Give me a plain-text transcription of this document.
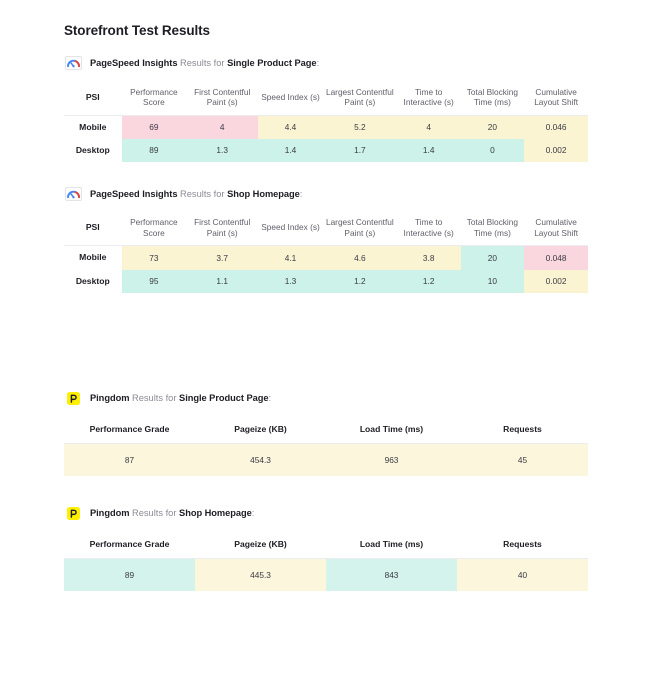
Storefront Test Results
PageSpeed Insights Results for Single Product Page:
PSI	Performance Score	First Contentful Paint (s)	Speed Index (s)	Largest Contentful Paint (s)	Time to Interactive (s)	Total Blocking Time (ms)	Cumulative Layout Shift
Mobile	69	4	4.4	5.2	4	20	0.046
Desktop	89	1.3	1.4	1.7	1.4	0	0.002
PageSpeed Insights Results for Shop Homepage:
PSI	Performance Score	First Contentful Paint (s)	Speed Index (s)	Largest Contentful Paint (s)	Time to Interactive (s)	Total Blocking Time (ms)	Cumulative Layout Shift
Mobile	73	3.7	4.1	4.6	3.8	20	0.048
Desktop	95	1.1	1.3	1.2	1.2	10	0.002
Pingdom Results for Single Product Page:
Performance Grade	Pageize (KB)	Load Time (ms)	Requests
87	454.3	963	45
Pingdom Results for Shop Homepage:
Performance Grade	Pageize (KB)	Load Time (ms)	Requests
89	445.3	843	40
